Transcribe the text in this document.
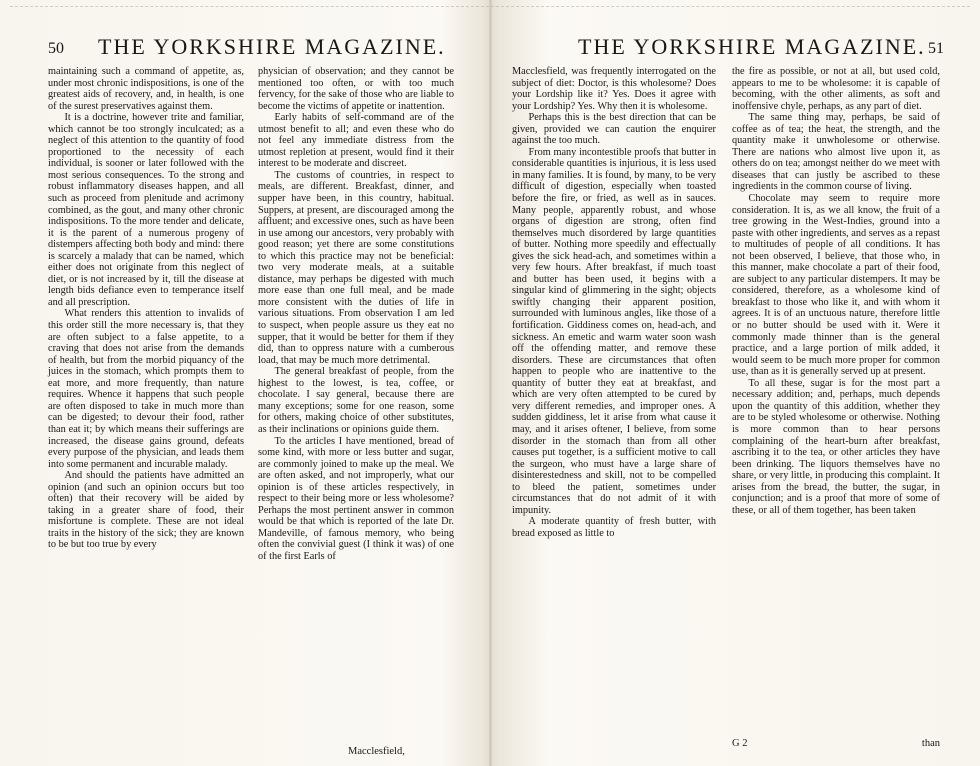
50 THE YORKSHIRE MAGAZINE.

maintaining such a command of appetite, as, under most chronic indispositions, is one of the greatest aids of recovery, and, in health, is one of the surest preservatives against them.

It is a doctrine, however trite and familiar, which cannot be too strongly inculcated; as a neglect of this attention to the quantity of food proportioned to the necessity of each individual, is sooner or later followed with the most serious consequences. To the strong and robust inflammatory diseases happen, and all such as proceed from plenitude and acrimony combined, as the gout, and many other chronic indispositions. To the more tender and delicate, it is the parent of a numerous progeny of distempers affecting both body and mind: there is scarcely a malady that can be named, which either does not originate from this neglect of diet, or is not increased by it, till the disease at length bids defiance even to temperance itself and all prescription.

What renders this attention to invalids of this order still the more necessary is, that they are often subject to a false appetite, to a craving that does not arise from the demands of health, but from the morbid piquancy of the juices in the stomach, which prompts them to eat more, and more frequently, than nature requires. Whence it happens that such people are often disposed to take in much more than can be digested; to devour their food, rather than eat it; by which means their sufferings are increased, the disease gains ground, defeats every purpose of the physician, and leads them into some permanent and incurable malady.

And should the patients have admitted an opinion (and such an opinion occurs but too often) that their recovery will be aided by taking in a greater share of food, their misfortune is complete. These are not ideal traits in the history of the sick; they are known to be but too true by every

physician of observation; and they cannot be mentioned too often, or with too much fervency, for the sake of those who are liable to become the victims of appetite or inattention.

Early habits of self-command are of the utmost benefit to all; and even these who do not feel any immediate distress from the utmost repletion at present, would find it their interest to be moderate and discreet.

The customs of countries, in respect to meals, are different. Breakfast, dinner, and supper have been, in this country, habitual. Suppers, at present, are discouraged among the affluent; and excessive ones, such as have been in use among our ancestors, very probably with good reason; yet there are some constitutions to which this practice may not be beneficial: two very moderate meals, at a suitable distance, may perhaps be digested with much more ease than one full meal, and be made more consistent with the duties of life in various situations. From observation I am led to suspect, when people assure us they eat no supper, that it would be better for them if they did, than to oppress nature with a cumberous load, that may be much more detrimental.

The general breakfast of people, from the highest to the lowest, is tea, coffee, or chocolate. I say general, because there are many exceptions; some for one reason, some for others, making choice of other substitutes, as their inclinations or opinions guide them.

To the articles I have mentioned, bread of some kind, with more or less butter and sugar, are commonly joined to make up the meal. We are often asked, and not improperly, what our opinion is of these articles respectively, in respect to their being more or less wholesome? Perhaps the most pertinent answer in common would be that which is reported of the late Dr. Mandeville, of famous memory, who being often the convivial guest (I think it was) of one of the first Earls of

Macclesfield,
THE YORKSHIRE MAGAZINE. 51

Macclesfield, was frequently interrogated on the subject of diet: Doctor, is this wholesome? Does your Lordship like it? Yes. Does it agree with your Lordship? Yes. Why then it is wholesome.

Perhaps this is the best direction that can be given, provided we can caution the enquirer against the too much.

From many incontestible proofs that butter in considerable quantities is injurious, it is less used in many families. It is found, by many, to be very difficult of digestion, especially when toasted before the fire, or fried, as well as in sauces. Many people, apparently robust, and whose organs of digestion are strong, often find themselves much disordered by large quantities of butter. Nothing more speedily and effectually gives the sick head-ach, and sometimes within a very few hours. After breakfast, if much toast and butter has been used, it begins with a singular kind of glimmering in the sight; objects swiftly changing their apparent position, surrounded with luminous angles, like those of a fortification. Giddiness comes on, head-ach, and sickness. An emetic and warm water soon wash off the offending matter, and remove these disorders. These are circumstances that often happen to people who are inattentive to the quantity of butter they eat at breakfast, and which are very often attempted to be cured by very different remedies, and improper ones. A sudden giddiness, let it arise from what cause it may, and it arises oftener, I believe, from some disorder in the stomach than from all other causes put together, is a sufficient motive to call the surgeon, who must have a large share of disinterestedness and skill, not to be compelled to bleed the patient, sometimes under circumstances that do not admit of it with impunity.

A moderate quantity of fresh butter, with bread exposed as little to

the fire as possible, or not at all, but used cold, appears to me to be wholesome: it is capable of becoming, with the other aliments, as soft and inoffensive chyle, perhaps, as any part of diet.

The same thing may, perhaps, be said of coffee as of tea; the heat, the strength, and the quantity make it unwholesome or otherwise. There are nations who almost live upon it, as others do on tea; amongst neither do we meet with diseases that can justly be ascribed to these ingredients in the common course of living.

Chocolate may seem to require more consideration. It is, as we all know, the fruit of a tree growing in the West-Indies, ground into a paste with other ingredients, and serves as a repast to multitudes of people of all conditions. It has not been observed, I believe, that those who, in this manner, make chocolate a part of their food, are subject to any particular distempers. It may be considered, therefore, as a wholesome kind of breakfast to those who like it, and with whom it agrees. It is of an unctuous nature, therefore little or no butter should be used with it. Were it commonly made thinner than is the general practice, and a large portion of milk added, it would seem to be much more proper for common use, than as it is generally served up at present.

To all these, sugar is for the most part a necessary addition; and, perhaps, much depends upon the quantity of this addition, whether they are to be styled wholesome or otherwise. Nothing is more common than to hear persons complaining of the heart-burn after breakfast, ascribing it to the tea, or other articles they have been drinking. The liquors themselves have no share, or very little, in producing this complaint. It arises from the bread, the butter, the sugar, in conjunction; and is a proof that more of some of these, or all of them together, has been taken

G 2	than
